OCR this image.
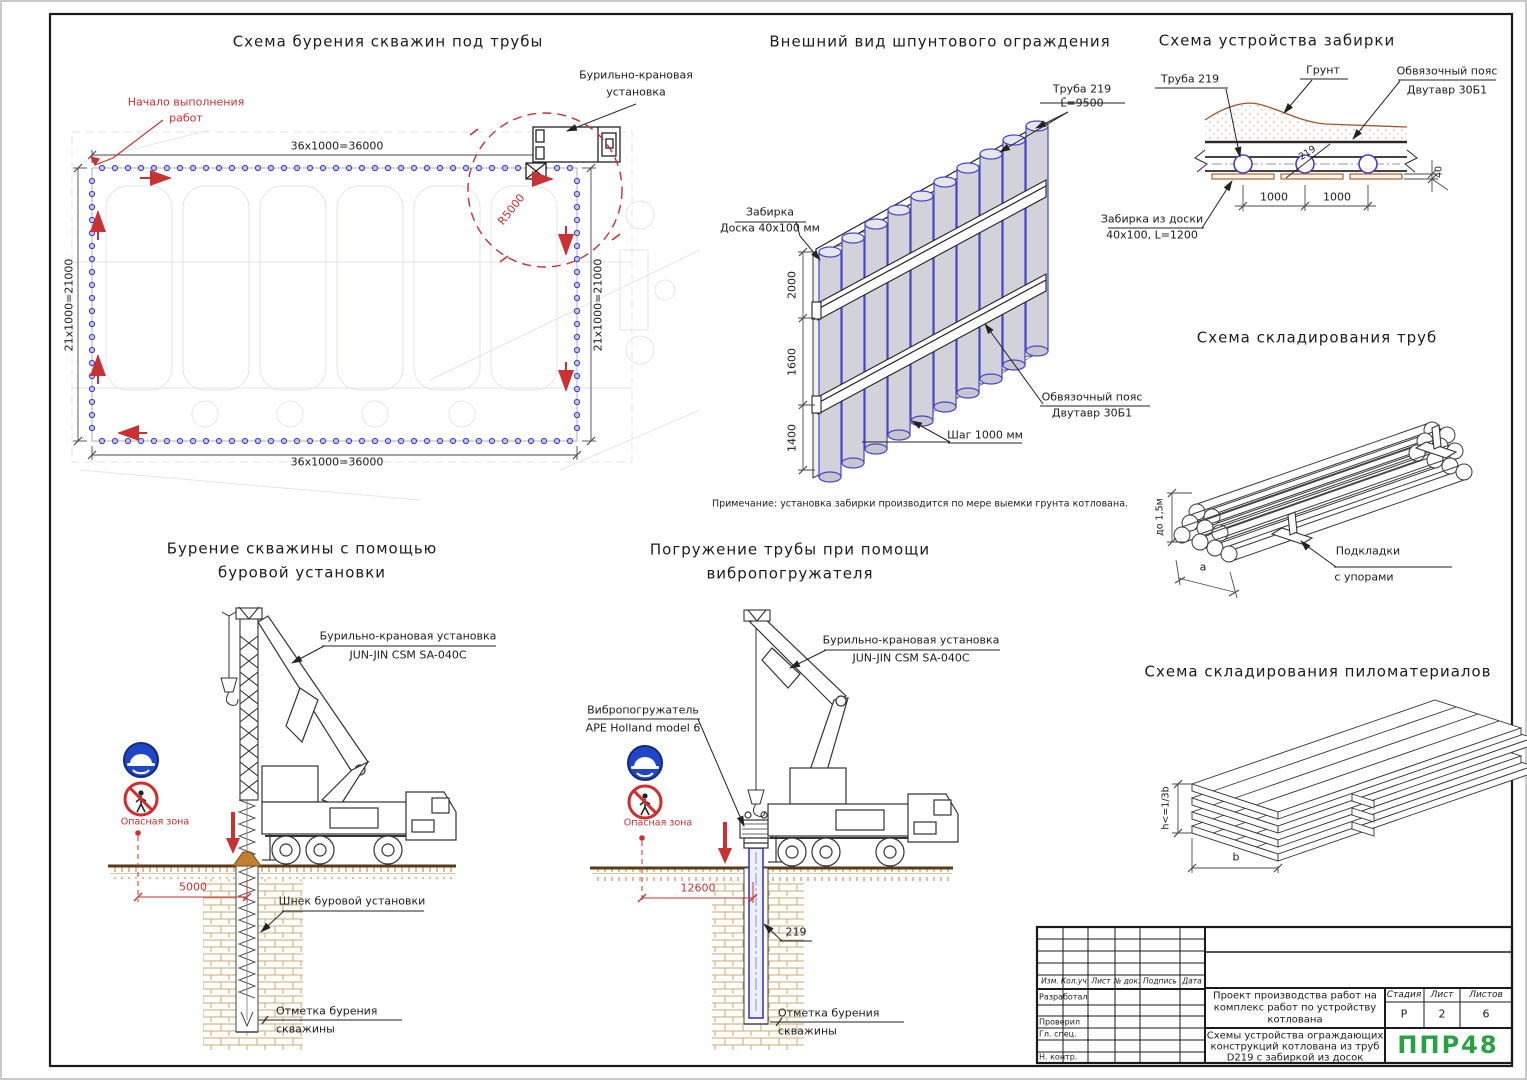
Схема бурения скважин под трубы
Начало выполнения
работ
Бурильно-крановая
установка
36x1000=36000
36x1000=36000
21x1000=21000	21x1000=21000
R5000
Внешний вид шпунтового ограждения
Труба 219
L=9500
Забирка
Доска 40x100 мм
Обвязочный пояс
Двутавр 30Б1
Шаг 1000 мм
2000
1600
1400
Примечание: установка забирки производится по мере выемки грунта котлована.
Схема устройства забирки
Труба 219
Грунт	Обвязочный пояс
Двутавр 30Б1
Забирка из доски
40x100, L=1200
219
40
1000	1000
Схема складирования труб
до 1,5м
a
Подкладки
с упорами
Бурение скважины с помощью
буровой установки
Бурильно-крановая установка
JUN-JIN CSM SA-040C
Опасная зона
5000
Шнек буровой установки
Отметка бурения
скважины
Погружение трубы при помощи
вибропогружателя
Бурильно-крановая установка
JUN-JIN CSM SA-040C
Вибропогружатель
APE Holland model 6
Опасная зона
12600
219
Отметка бурения
скважины
Схема складирования пиломатериалов
h<=1/3b
b
Изм. Кол.уч. Лист № док. Подпись Дата
Разработал
Проверил
Гл. спец.
Н. контр.
Проект производства работ на
комплекс работ по устройству
котлована
Схемы устройства ограждающих
конструкций котлована из труб
D219 с забиркой из досок
Стадия Лист Листов
Р	2	6
ППР48
